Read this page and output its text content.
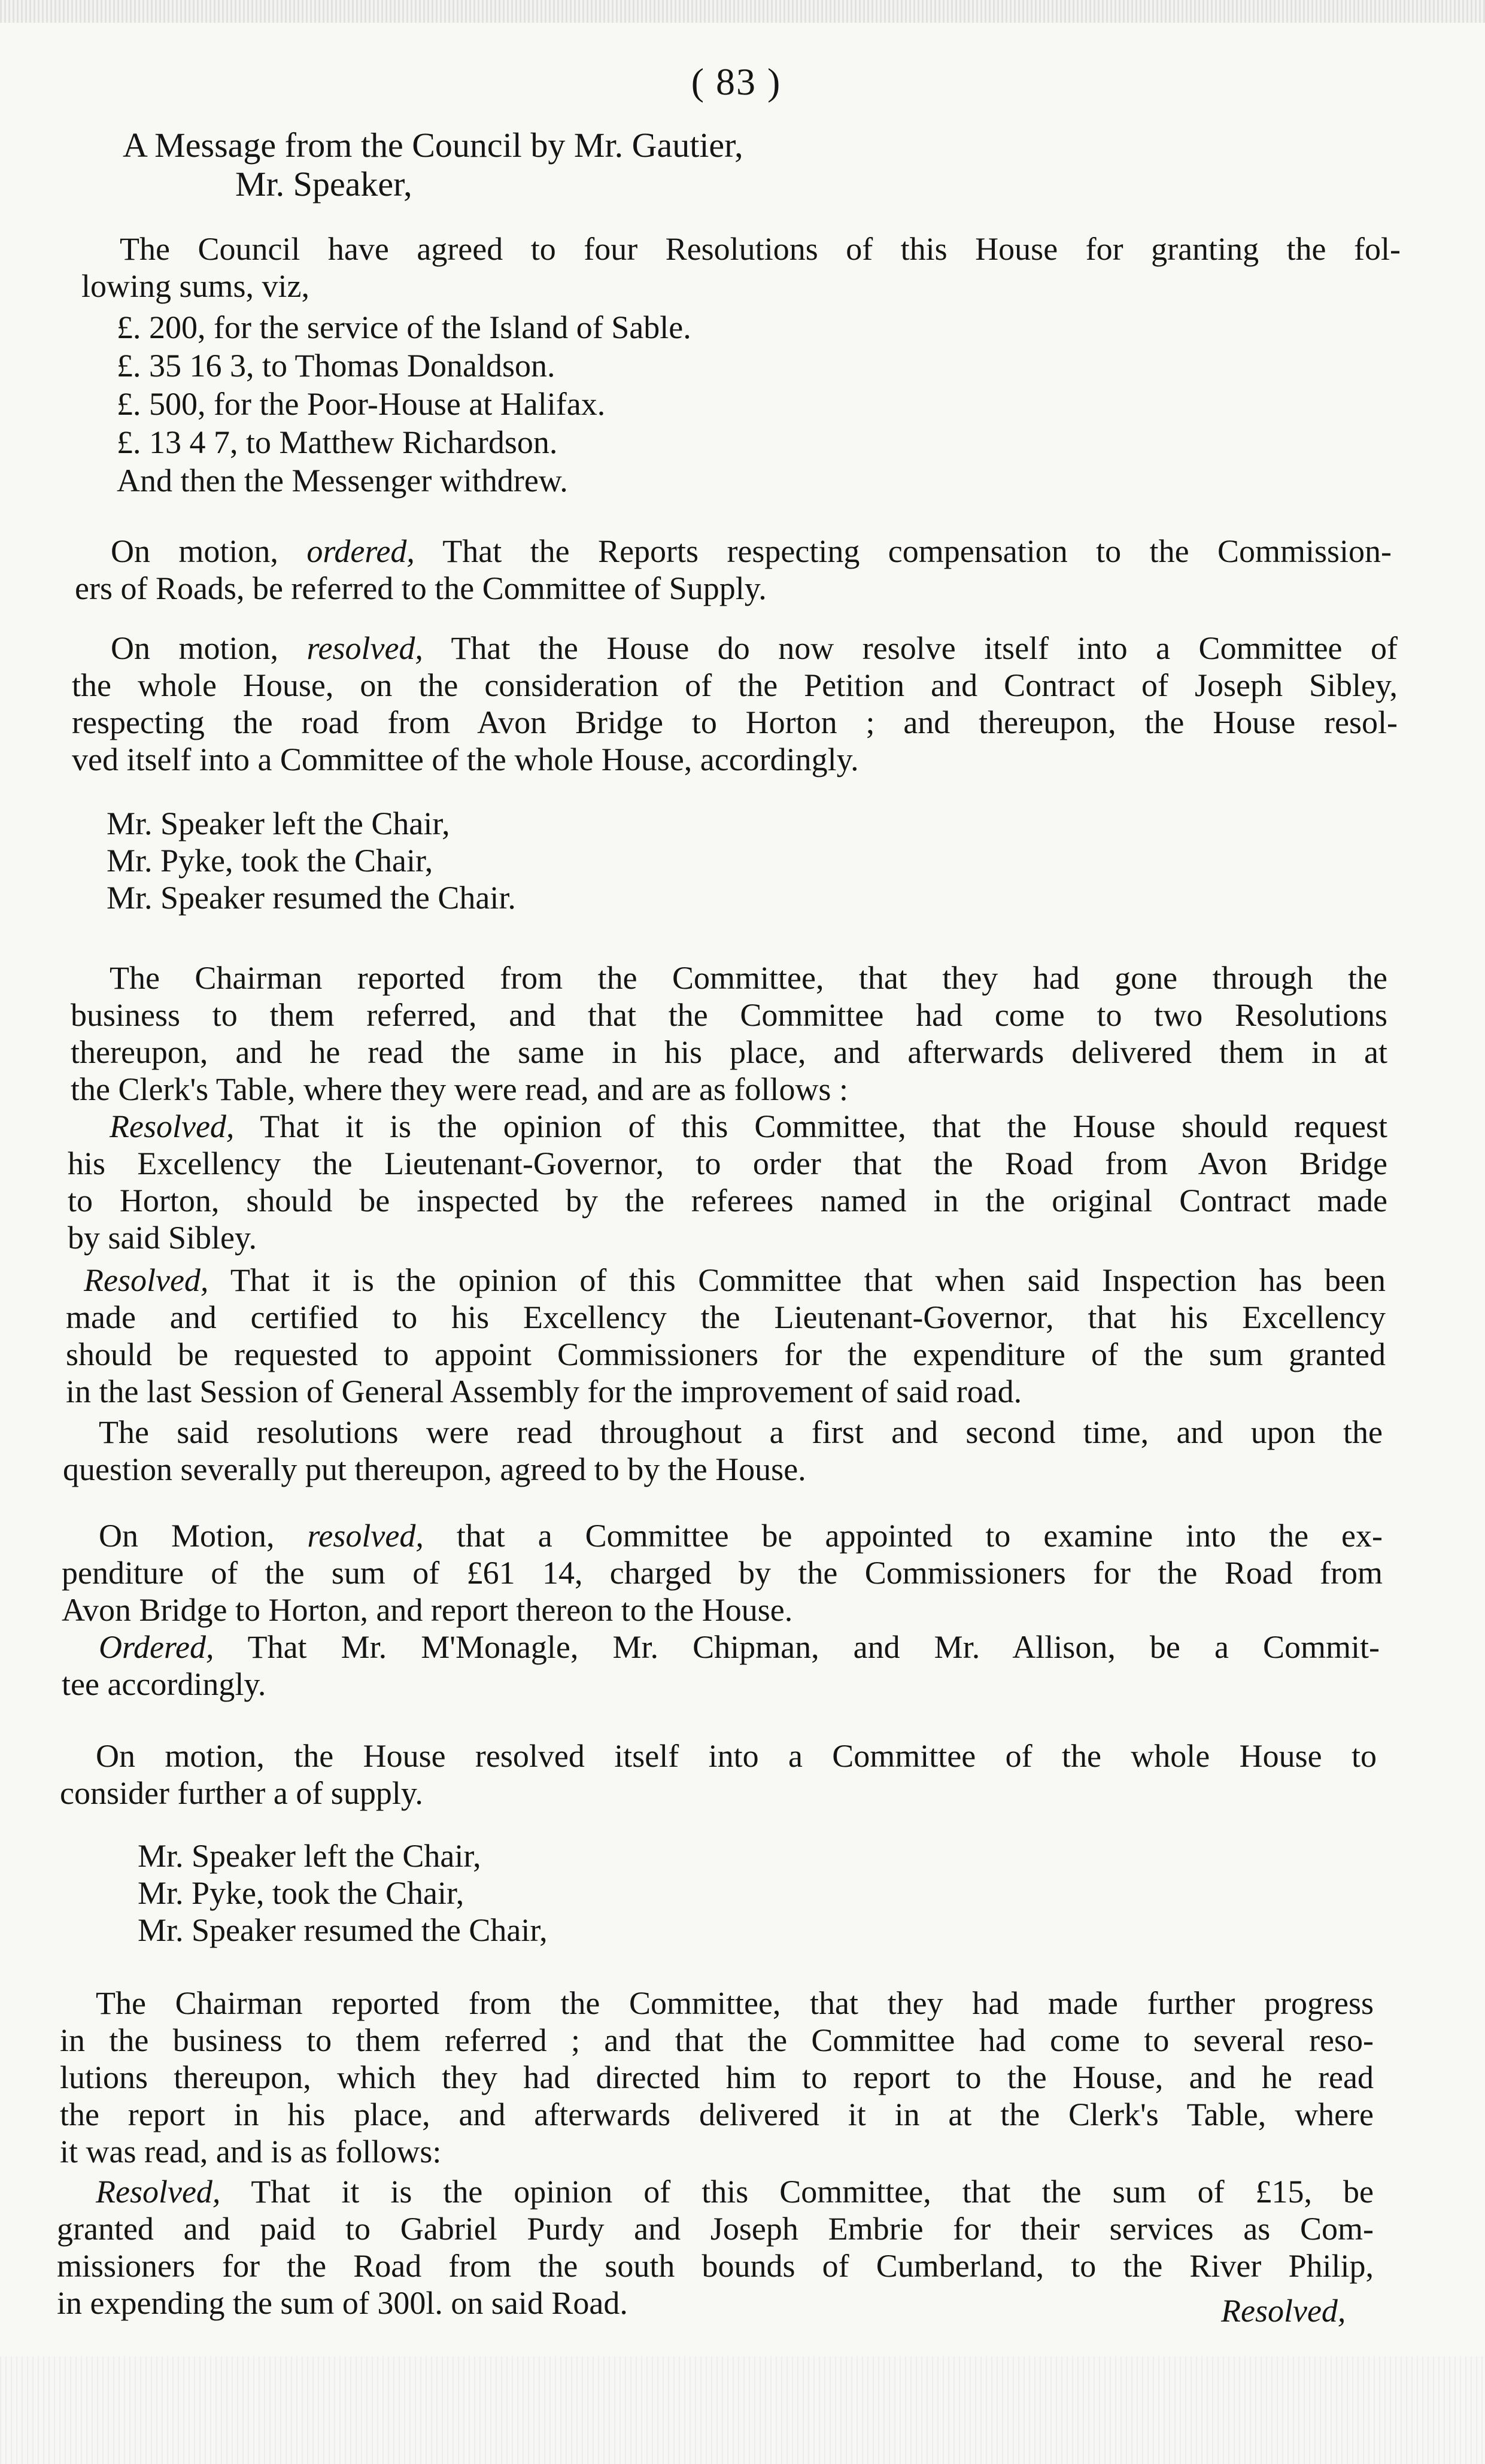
( 83 )
A Message from the Council by Mr. Gautier,
Mr. Speaker,
The Council have agreed to four Resolutions of this House for granting the fol-
lowing sums, viz,
£. 200, for the service of the Island of Sable.
£. 35 16 3, to Thomas Donaldson.
£. 500, for the Poor-House at Halifax.
£. 13 4 7, to Matthew Richardson.
And then the Messenger withdrew.
On motion, ordered, That the Reports respecting compensation to the Commission-
ers of Roads, be referred to the Committee of Supply.
On motion, resolved, That the House do now resolve itself into a Committee of
the whole House, on the consideration of the Petition and Contract of Joseph Sibley,
respecting the road from Avon Bridge to Horton ; and thereupon, the House resol-
ved itself into a Committee of the whole House, accordingly.
Mr. Speaker left the Chair,
Mr. Pyke, took the Chair,
Mr. Speaker resumed the Chair.
The Chairman reported from the Committee, that they had gone through the
business to them referred, and that the Committee had come to two Resolutions
thereupon, and he read the same in his place, and afterwards delivered them in at
the Clerk's Table, where they were read, and are as follows :
Resolved, That it is the opinion of this Committee, that the House should request
his Excellency the Lieutenant-Governor, to order that the Road from Avon Bridge
to Horton, should be inspected by the referees named in the original Contract made
by said Sibley.
Resolved, That it is the opinion of this Committee that when said Inspection has been
made and certified to his Excellency the Lieutenant-Governor, that his Excellency
should be requested to appoint Commissioners for the expenditure of the sum granted
in the last Session of General Assembly for the improvement of said road.
The said resolutions were read throughout a first and second time, and upon the
question severally put thereupon, agreed to by the House.
On Motion, resolved, that a Committee be appointed to examine into the ex-
penditure of the sum of £61 14, charged by the Commissioners for the Road from
Avon Bridge to Horton, and report thereon to the House.
Ordered, That Mr. M'Monagle, Mr. Chipman, and Mr. Allison, be a Commit-
tee accordingly.
On motion, the House resolved itself into a Committee of the whole House to
consider further a of supply.
Mr. Speaker left the Chair,
Mr. Pyke, took the Chair,
Mr. Speaker resumed the Chair,
The Chairman reported from the Committee, that they had made further progress
in the business to them referred ; and that the Committee had come to several reso-
lutions thereupon, which they had directed him to report to the House, and he read
the report in his place, and afterwards delivered it in at the Clerk's Table, where
it was read, and is as follows:
Resolved, That it is the opinion of this Committee, that the sum of £15, be
granted and paid to Gabriel Purdy and Joseph Embrie for their services as Com-
missioners for the Road from the south bounds of Cumberland, to the River Philip,
in expending the sum of 300l. on said Road.	Resolved,
